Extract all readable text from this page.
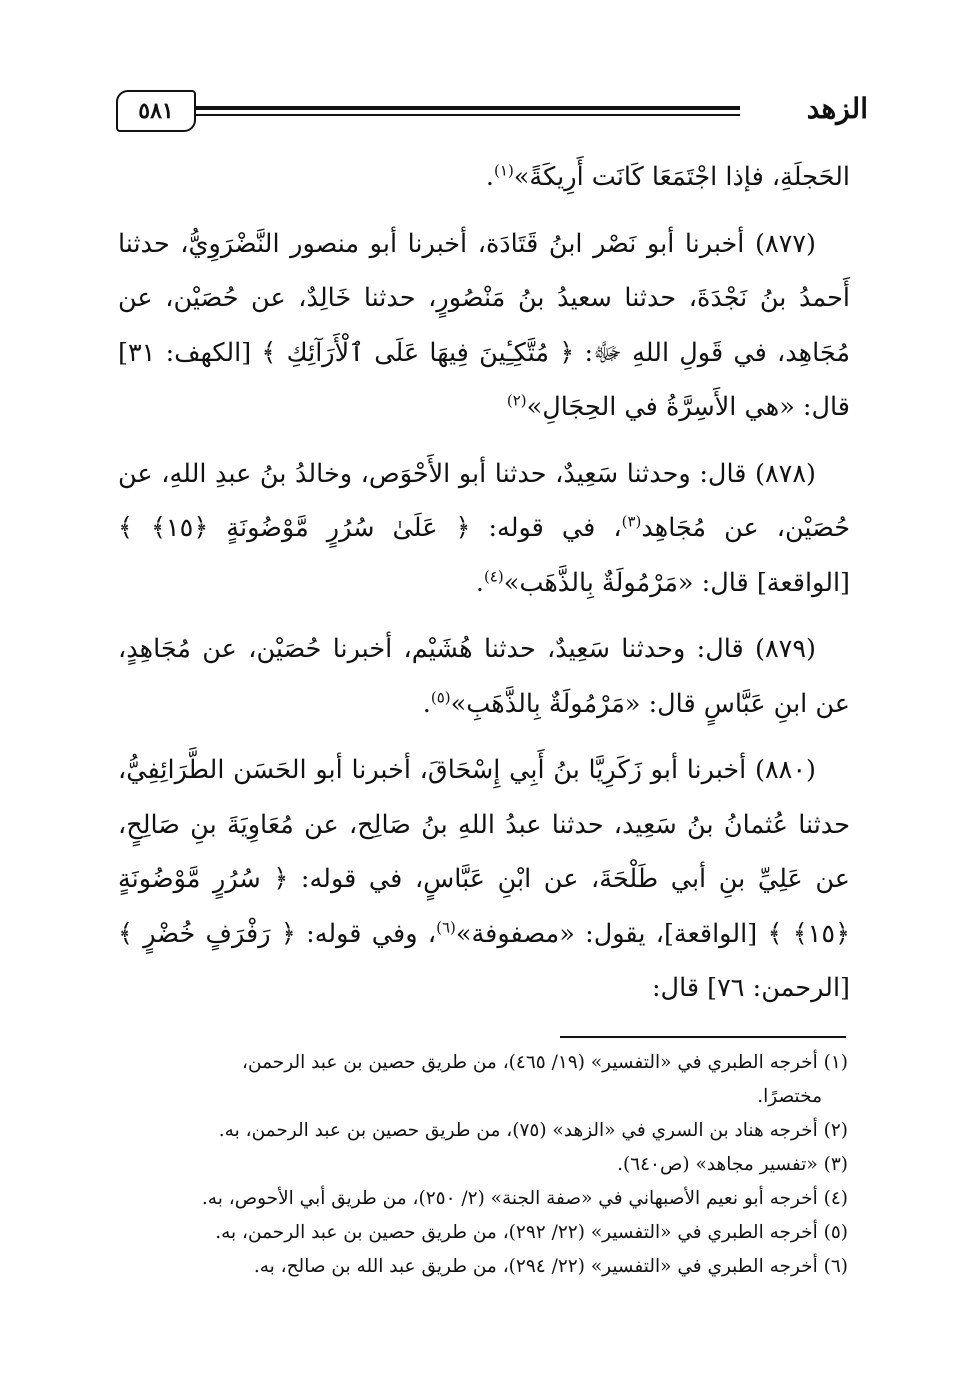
٥٨١	الزهد

الحَجلَةِ، فإذا اجْتَمَعَا كَانَت أَرِيكَةً»$^{(١)}$.

(٨٧٧) أخبرنا أبو نَصْر ابنُ قَتَادَة، أخبرنا أبو منصور النَّضْرَوِيُّ، حدثنا أَحمدُ بنُ نَجْدَةَ، حدثنا سعيدُ بنُ مَنْصُورٍ، حدثنا خَالِدٌ، عن حُصَيْن، عن مُجَاهِد، في قَولِ اللهِ ﷻ: ﴿ مُتَّكِـِٔينَ فِيهَا عَلَى ٱلْأَرَآئِكِ ﴾ [الكهف: ٣١] قال: «هي الأَسِرَّةُ في الحِجَالِ»$^{(٢)}$

(٨٧٨) قال: وحدثنا سَعِيدٌ، حدثنا أبو الأَحْوَص، وخالدُ بنُ عبدِ اللهِ، عن حُصَيْن، عن مُجَاهِد$^{(٣)}$، في قوله: ﴿ عَلَىٰ سُرُرٍ مَّوْضُونَةٍ ﴿١٥﴾ ﴾ [الواقعة] قال: «مَرْمُولَةٌ بِالذَّهَب»$^{(٤)}$.

(٨٧٩) قال: وحدثنا سَعِيدٌ، حدثنا هُشَيْم، أخبرنا حُصَيْن، عن مُجَاهِدٍ، عن ابنِ عَبَّاسٍ قال: «مَرْمُولَةٌ بِالذَّهَبِ»$^{(٥)}$.

(٨٨٠) أخبرنا أبو زَكَرِيَّا بنُ أَبِي إِسْحَاقَ، أخبرنا أبو الحَسَن الطَّرَائِفِيُّ، حدثنا عُثمانُ بنُ سَعِيد، حدثنا عبدُ اللهِ بنُ صَالِح، عن مُعَاوِيَةَ بنِ صَالِحٍ، عن عَلِيِّ بنِ أبي طَلْحَةَ، عن ابْنِ عَبَّاسٍ، في قوله: ﴿ سُرُرٍ مَّوْضُونَةٍ ﴿١٥﴾ ﴾ [الواقعة]، يقول: «مصفوفة»$^{(٦)}$، وفي قوله: ﴿ رَفْرَفٍ خُضْرٍ ﴾ [الرحمن: ٧٦] قال:

(١) أخرجه الطبري في «التفسير» (١٩/ ٤٦٥)، من طريق حصين بن عبد الرحمن،

مختصرًا.

(٢) أخرجه هناد بن السري في «الزهد» (٧٥)، من طريق حصين بن عبد الرحمن، به.

(٣) «تفسير مجاهد» (ص٦٤٠).

(٤) أخرجه أبو نعيم الأصبهاني في «صفة الجنة» (٢/ ٢٥٠)، من طريق أبي الأحوص، به.

(٥) أخرجه الطبري في «التفسير» (٢٢/ ٢٩٢)، من طريق حصين بن عبد الرحمن، به.

(٦) أخرجه الطبري في «التفسير» (٢٢/ ٢٩٤)، من طريق عبد الله بن صالح، به.
